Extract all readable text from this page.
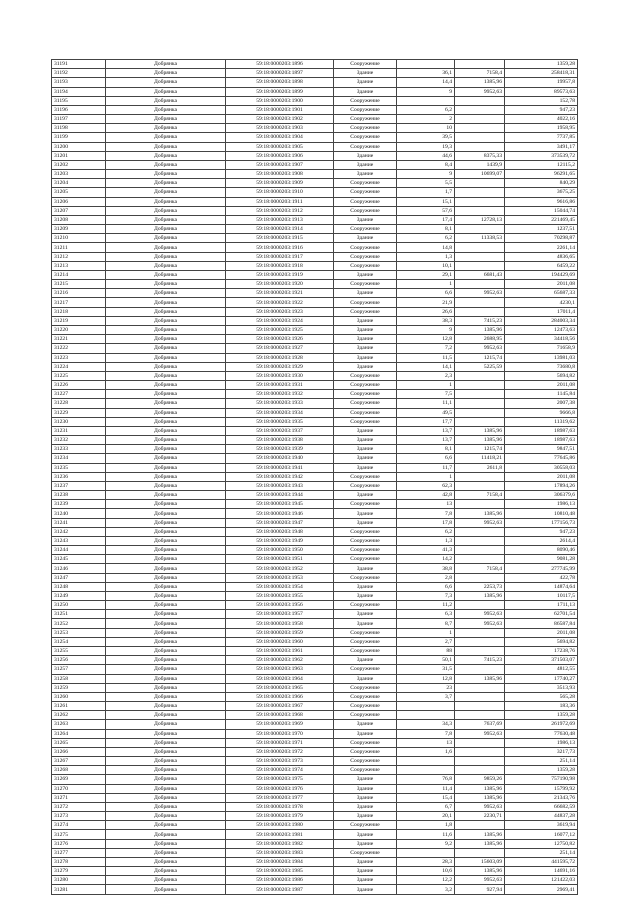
31191	Добрянка	59:18:0000203:1896	Сооружение			1359,28
31192	Добрянка	59:18:0000203:1897	Здание	36,1	7158,4	258418,31
31193	Добрянка	59:18:0000203:1898	Здание	14,4	1385,96	19957,8
31194	Добрянка	59:18:0000203:1899	Здание	9	9952,63	89573,63
31195	Добрянка	59:18:0000203:1900	Сооружение			152,78
31196	Добрянка	59:18:0000203:1901	Сооружение	6,2		947,23
31197	Добрянка	59:18:0000203:1902	Сооружение	2		4022,16
31198	Добрянка	59:18:0000203:1903	Сооружение	10		1958,95
31199	Добрянка	59:18:0000203:1904	Сооружение	39,5		7737,85
31200	Добрянка	59:18:0000203:1905	Сооружение	19,3		3491,17
31201	Добрянка	59:18:0000203:1906	Здание	44,6	8375,33	373539,72
31202	Добрянка	59:18:0000203:1907	Здание	8,4	1439,9	12115,2
31203	Добрянка	59:18:0000203:1908	Здание	9	10699,07	96291,65
31204	Добрянка	59:18:0000203:1909	Сооружение	5,5		840,29
31205	Добрянка	59:18:0000203:1910	Сооружение	1,7		3675,25
31206	Добрянка	59:18:0000203:1911	Сооружение	15,1		9616,86
31207	Добрянка	59:18:0000203:1912	Сооружение	57,6		15044,74
31208	Добрянка	59:18:0000203:1913	Здание	17,4	12728,13	221469,45
31209	Добрянка	59:18:0000203:1914	Сооружение	8,1		1237,51
31210	Добрянка	59:18:0000203:1915	Здание	6,2	11338,53	70298,87
31211	Добрянка	59:18:0000203:1916	Сооружение	14,8		2261,14
31212	Добрянка	59:18:0000203:1917	Сооружение	1,3		4836,65
31213	Добрянка	59:18:0000203:1918	Сооружение	10,1		6459,22
31214	Добрянка	59:18:0000203:1919	Здание	29,1	6681,43	194429,69
31215	Добрянка	59:18:0000203:1920	Сооружение	1		2011,08
31216	Добрянка	59:18:0000203:1921	Здание	6,6	9952,63	65687,33
31217	Добрянка	59:18:0000203:1922	Сооружение	21,9		4230,1
31218	Добрянка	59:18:0000203:1923	Сооружение	26,6		17011,4
31219	Добрянка	59:18:0000203:1924	Здание	38,3	7415,23	284003,34
31220	Добрянка	59:18:0000203:1925	Здание	9	1385,96	12473,63
31221	Добрянка	59:18:0000203:1926	Здание	12,8	2688,95	34418,56
31222	Добрянка	59:18:0000203:1927	Здание	7,2	9952,63	71658,9
31223	Добрянка	59:18:0000203:1928	Здание	11,5	1215,74	13981,03
31224	Добрянка	59:18:0000203:1929	Здание	14,1	5225,59	73680,8
31225	Добрянка	59:18:0000203:1930	Сооружение	2,3		5694,82
31226	Добрянка	59:18:0000203:1931	Сооружение	1		2011,08
31227	Добрянка	59:18:0000203:1932	Сооружение	7,5		1145,84
31228	Добрянка	59:18:0000203:1933	Сооружение	11,1		2007,38
31229	Добрянка	59:18:0000203:1934	Сооружение	49,5		9666,8
31230	Добрянка	59:18:0000203:1935	Сооружение	17,7		11319,62
31231	Добрянка	59:18:0000203:1937	Здание	13,7	1385,96	18987,63
31232	Добрянка	59:18:0000203:1938	Здание	13,7	1385,96	18987,63
31233	Добрянка	59:18:0000203:1939	Здание	8,1	1215,74	9847,51
31234	Добрянка	59:18:0000203:1940	Здание	6,6	11418,21	77645,86
31235	Добрянка	59:18:0000203:1941	Здание	11,7	2611,8	30558,03
31236	Добрянка	59:18:0000203:1942	Сооружение	1		2011,08
31237	Добрянка	59:18:0000203:1943	Сооружение	62,3		17894,26
31238	Добрянка	59:18:0000203:1944	Здание	42,8	7158,4	306379,6
31239	Добрянка	59:18:0000203:1945	Сооружение	13		1986,13
31240	Добрянка	59:18:0000203:1946	Здание	7,8	1385,96	10810,48
31241	Добрянка	59:18:0000203:1947	Здание	17,8	9952,63	177156,73
31242	Добрянка	59:18:0000203:1948	Сооружение	6,2		947,23
31243	Добрянка	59:18:0000203:1949	Сооружение	1,3		2614,4
31244	Добрянка	59:18:0000203:1950	Сооружение	41,3		8090,46
31245	Добрянка	59:18:0000203:1951	Сооружение	14,2		9081,28
31246	Добрянка	59:18:0000203:1952	Здание	38,8	7158,4	277745,99
31247	Добрянка	59:18:0000203:1953	Сооружение	2,8		422,78
31248	Добрянка	59:18:0000203:1954	Здание	6,6	2253,73	14874,64
31249	Добрянка	59:18:0000203:1955	Здание	7,3	1385,96	10117,5
31250	Добрянка	59:18:0000203:1956	Сооружение	11,2		1711,13
31251	Добрянка	59:18:0000203:1957	Здание	6,3	9952,63	62701,54
31252	Добрянка	59:18:0000203:1958	Здание	8,7	9952,63	86587,84
31253	Добрянка	59:18:0000203:1959	Сооружение	1		2011,08
31254	Добрянка	59:18:0000203:1960	Сооружение	2,7		5694,82
31255	Добрянка	59:18:0000203:1961	Сооружение	88		17238,76
31256	Добрянка	59:18:0000203:1962	Здание	50,1	7415,23	371503,07
31257	Добрянка	59:18:0000203:1963	Сооружение	31,5		4812,55
31258	Добрянка	59:18:0000203:1964	Здание	12,8	1385,96	17740,27
31259	Добрянка	59:18:0000203:1965	Сооружение	23		3513,93
31260	Добрянка	59:18:0000203:1966	Сооружение	3,7		565,28
31261	Добрянка	59:18:0000203:1967	Сооружение			183,36
31262	Добрянка	59:18:0000203:1968	Сооружение			1359,28
31263	Добрянка	59:18:0000203:1969	Здание	34,3	7637,69	261972,69
31264	Добрянка	59:18:0000203:1970	Здание	7,8	9952,63	77630,48
31265	Добрянка	59:18:0000203:1971	Сооружение	13		1986,13
31266	Добрянка	59:18:0000203:1972	Сооружение	1,6		3217,73
31267	Добрянка	59:18:0000203:1973	Сооружение			251,14
31268	Добрянка	59:18:0000203:1974	Сооружение			1359,28
31269	Добрянка	59:18:0000203:1975	Здание	76,8	9859,26	757190,98
31270	Добрянка	59:18:0000203:1976	Здание	11,4	1385,96	15799,92
31271	Добрянка	59:18:0000203:1977	Здание	15,4	1385,96	21343,76
31272	Добрянка	59:18:0000203:1978	Здание	6,7	9952,63	66682,59
31273	Добрянка	59:18:0000203:1979	Здание	20,1	2230,71	44837,28
31274	Добрянка	59:18:0000203:1980	Сооружение	1,8		3619,94
31275	Добрянка	59:18:0000203:1981	Здание	11,6	1385,96	16077,12
31276	Добрянка	59:18:0000203:1982	Здание	9,2	1385,96	12750,82
31277	Добрянка	59:18:0000203:1983	Сооружение			251,14
31278	Добрянка	59:18:0000203:1984	Здание	28,3	15603,09	441595,72
31279	Добрянка	59:18:0000203:1985	Здание	10,6	1385,96	14691,16
31280	Добрянка	59:18:0000203:1986	Здание	12,2	9952,63	121422,03
31281	Добрянка	59:18:0000203:1987	Здание	3,2	927,94	2969,41
